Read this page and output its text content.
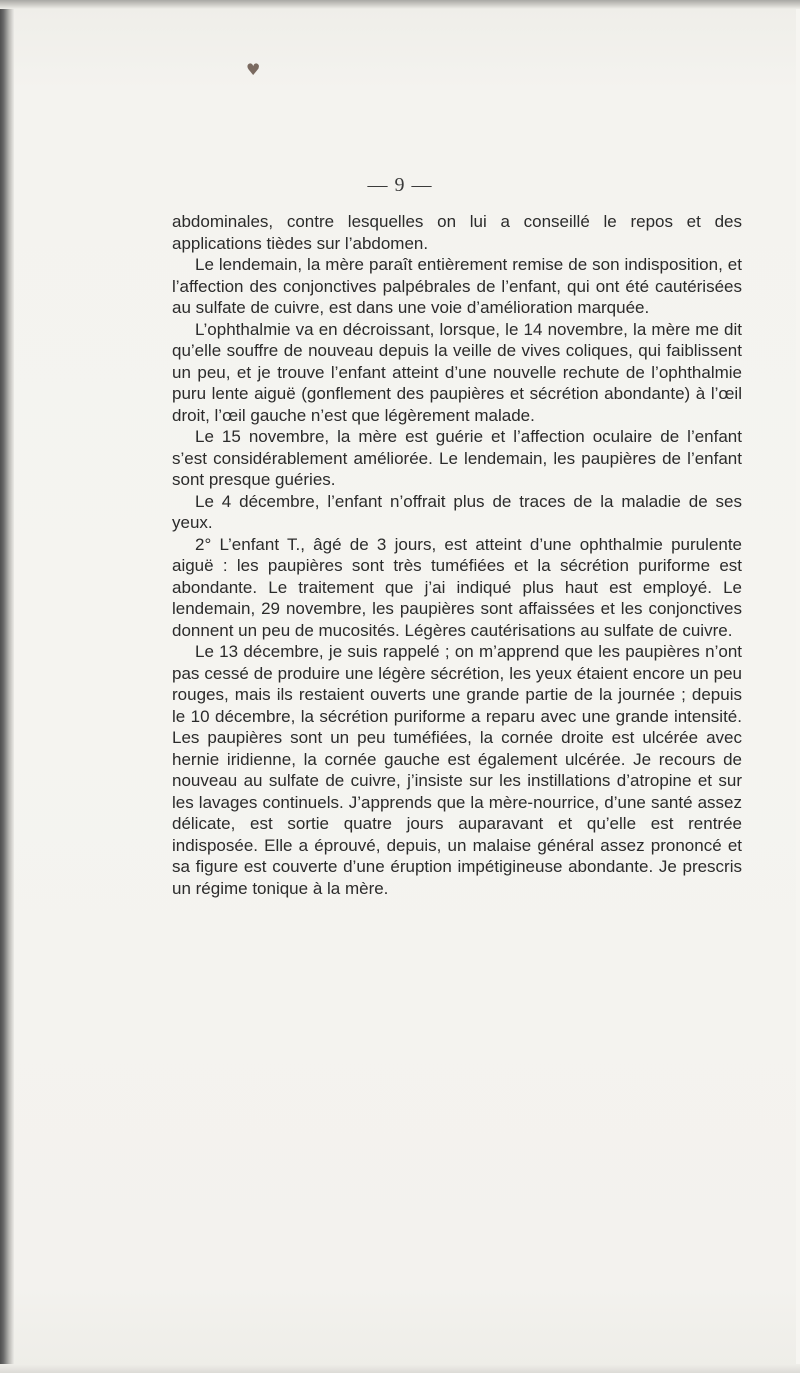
♥
— 9 —

abdominales, contre lesquelles on lui a conseillé le repos et des applications tièdes sur l’abdomen.

Le lendemain, la mère paraît entièrement remise de son indisposition, et l’affection des conjonctives palpébrales de l’enfant, qui ont été cautérisées au sulfate de cuivre, est dans une voie d’amélioration marquée.

L’ophthalmie va en décroissant, lorsque, le 14 novembre, la mère me dit qu’elle souffre de nouveau depuis la veille de vives coliques, qui faiblissent un peu, et je trouve l’enfant atteint d’une nouvelle rechute de l’ophthalmie puru lente aiguë (gonflement des paupières et sécrétion abondante) à l’œil droit, l’œil gauche n’est que légèrement malade.

Le 15 novembre, la mère est guérie et l’affection oculaire de l’enfant s’est considérablement améliorée. Le lendemain, les paupières de l’enfant sont presque guéries.

Le 4 décembre, l’enfant n’offrait plus de traces de la maladie de ses yeux.

2° L’enfant T., âgé de 3 jours, est atteint d’une ophthalmie purulente aiguë : les paupières sont très tuméfiées et la sécrétion puriforme est abondante. Le traitement que j’ai indiqué plus haut est employé. Le lendemain, 29 novembre, les paupières sont affaissées et les conjonctives donnent un peu de mucosités. Légères cautérisations au sulfate de cuivre.

Le 13 décembre, je suis rappelé ; on m’apprend que les paupières n’ont pas cessé de produire une légère sécrétion, les yeux étaient encore un peu rouges, mais ils restaient ouverts une grande partie de la journée ; depuis le 10 décembre, la sécrétion puriforme a reparu avec une grande intensité. Les paupières sont un peu tuméfiées, la cornée droite est ulcérée avec hernie iridienne, la cornée gauche est également ulcérée. Je recours de nouveau au sulfate de cuivre, j’insiste sur les instillations d’atropine et sur les lavages continuels. J’apprends que la mère-nourrice, d’une santé assez délicate, est sortie quatre jours auparavant et qu’elle est rentrée indisposée. Elle a éprouvé, depuis, un malaise général assez prononcé et sa figure est couverte d’une éruption impétigineuse abondante. Je prescris un régime tonique à la mère.
